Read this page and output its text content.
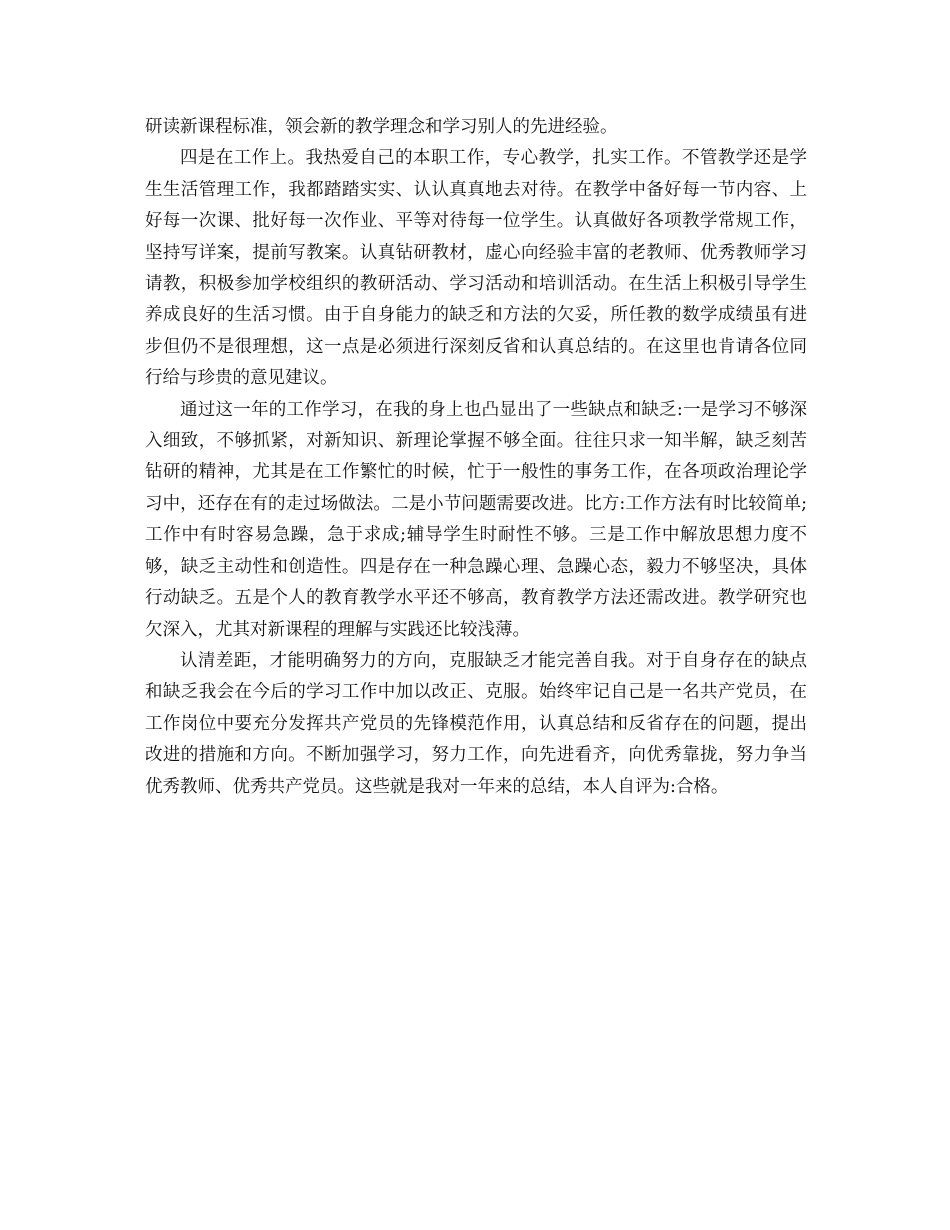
研读新课程标准，领会新的教学理念和学习别人的先进经验。

四是在工作上。我热爱自己的本职工作，专心教学，扎实工作。不管教学还是学生生活管理工作，我都踏踏实实、认认真真地去对待。在教学中备好每一节内容、上好每一次课、批好每一次作业、平等对待每一位学生。认真做好各项教学常规工作，坚持写详案，提前写教案。认真钻研教材，虚心向经验丰富的老教师、优秀教师学习请教，积极参加学校组织的教研活动、学习活动和培训活动。在生活上积极引导学生养成良好的生活习惯。由于自身能力的缺乏和方法的欠妥，所任教的数学成绩虽有进步但仍不是很理想，这一点是必须进行深刻反省和认真总结的。在这里也肯请各位同行给与珍贵的意见建议。

通过这一年的工作学习，在我的身上也凸显出了一些缺点和缺乏:一是学习不够深入细致，不够抓紧，对新知识、新理论掌握不够全面。往往只求一知半解，缺乏刻苦钻研的精神，尤其是在工作繁忙的时候，忙于一般性的事务工作，在各项政治理论学习中，还存在有的走过场做法。二是小节问题需要改进。比方:工作方法有时比较简单;工作中有时容易急躁，急于求成;辅导学生时耐性不够。三是工作中解放思想力度不够，缺乏主动性和创造性。四是存在一种急躁心理、急躁心态，毅力不够坚决，具体行动缺乏。五是个人的教育教学水平还不够高，教育教学方法还需改进。教学研究也欠深入，尤其对新课程的理解与实践还比较浅薄。

认清差距，才能明确努力的方向，克服缺乏才能完善自我。对于自身存在的缺点和缺乏我会在今后的学习工作中加以改正、克服。始终牢记自己是一名共产党员，在工作岗位中要充分发挥共产党员的先锋模范作用，认真总结和反省存在的问题，提出改进的措施和方向。不断加强学习，努力工作，向先进看齐，向优秀靠拢，努力争当优秀教师、优秀共产党员。这些就是我对一年来的总结，本人自评为:合格。
